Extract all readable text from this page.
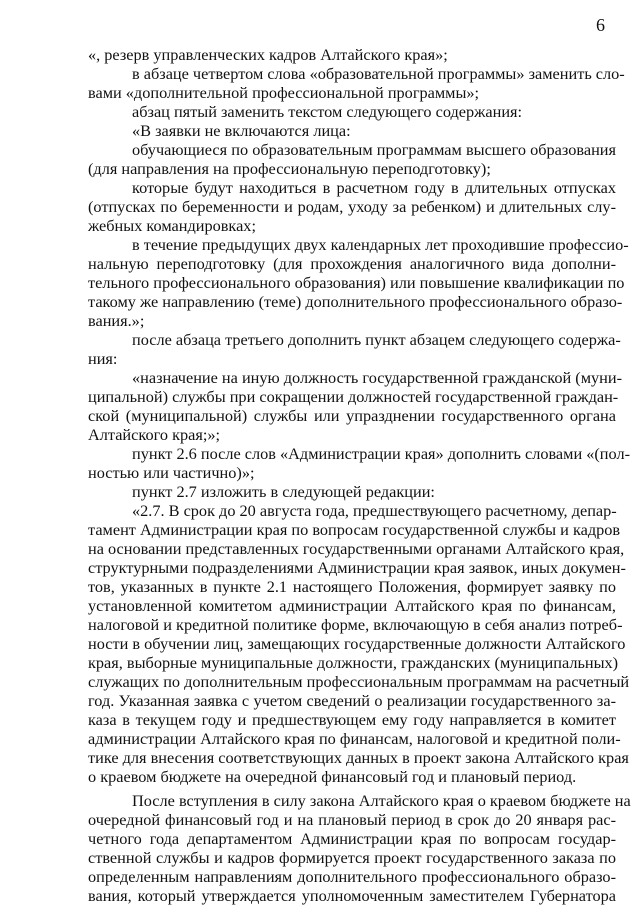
6
«, резерв управленческих кадров Алтайского края»;
в абзаце четвертом слова «образовательной программы» заменить сло-
вами «дополнительной профессиональной программы»;
абзац пятый заменить текстом следующего содержания:
«В заявки не включаются лица:
обучающиеся по образовательным программам высшего образования
(для направления на профессиональную переподготовку);
которые будут находиться в расчетном году в длительных отпусках
(отпусках по беременности и родам, уходу за ребенком) и длительных слу-
жебных командировках;
в течение предыдущих двух календарных лет проходившие профессио-
нальную переподготовку (для прохождения аналогичного вида дополни-
тельного профессионального образования) или повышение квалификации по
такому же направлению (теме) дополнительного профессионального образо-
вания.»;
после абзаца третьего дополнить пункт абзацем следующего содержа-
ния:
«назначение на иную должность государственной гражданской (муни-
ципальной) службы при сокращении должностей государственной граждан-
ской (муниципальной) службы или упразднении государственного органа
Алтайского края;»;
пункт 2.6 после слов «Администрации края» дополнить словами «(пол-
ностью или частично)»;
пункт 2.7 изложить в следующей редакции:
«2.7. В срок до 20 августа года, предшествующего расчетному, депар-
тамент Администрации края по вопросам государственной службы и кадров
на основании представленных государственными органами Алтайского края,
структурными подразделениями Администрации края заявок, иных докумен-
тов, указанных в пункте 2.1 настоящего Положения, формирует заявку по
установленной комитетом администрации Алтайского края по финансам,
налоговой и кредитной политике форме, включающую в себя анализ потреб-
ности в обучении лиц, замещающих государственные должности Алтайского
края, выборные муниципальные должности, гражданских (муниципальных)
служащих по дополнительным профессиональным программам на расчетный
год. Указанная заявка с учетом сведений о реализации государственного за-
каза в текущем году и предшествующем ему году направляется в комитет
администрации Алтайского края по финансам, налоговой и кредитной поли-
тике для внесения соответствующих данных в проект закона Алтайского края
о краевом бюджете на очередной финансовый год и плановый период.
После вступления в силу закона Алтайского края о краевом бюджете на
очередной финансовый год и на плановый период в срок до 20 января рас-
четного года департаментом Администрации края по вопросам государ-
ственной службы и кадров формируется проект государственного заказа по
определенным направлениям дополнительного профессионального образо-
вания, который утверждается уполномоченным заместителем Губернатора
